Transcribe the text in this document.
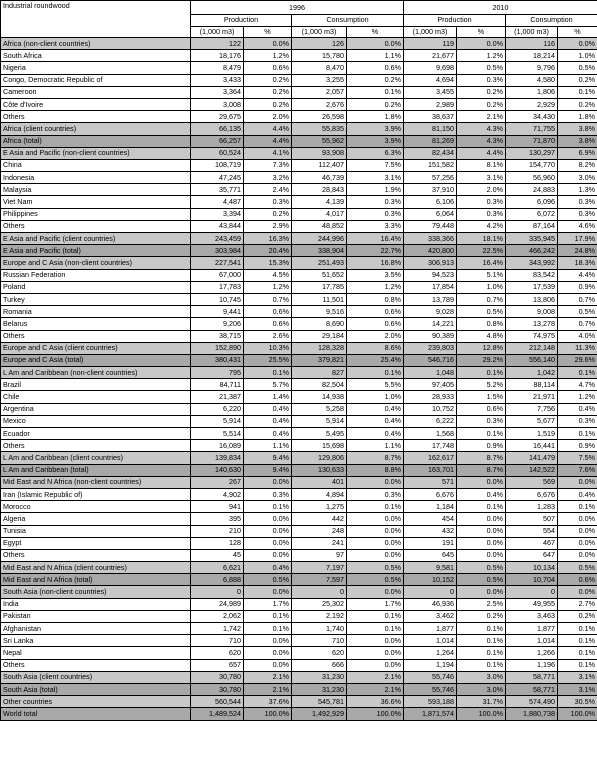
Industrial roundwood	1996				2010			
	Production		Consumption		Production		Consumption	
	(1,000 m3)	%	(1,000 m3)	%	(1,000 m3)	%	(1,000 m3)	%
Africa (non-client countries)	122	0.0%	126	0.0%	119	0.0%	116	0.0%
South Africa	18,176	1.2%	15,780	1.1%	21,677	1.2%	18,214	1.0%
Nigeria	8,479	0.6%	8,470	0.6%	9,698	0.5%	9,796	0.5%
Congo, Democratic Republic of	3,433	0.2%	3,255	0.2%	4,694	0.3%	4,580	0.2%
Cameroon	3,364	0.2%	2,057	0.1%	3,455	0.2%	1,806	0.1%
Côte d'Ivoire	3,008	0.2%	2,676	0.2%	2,989	0.2%	2,929	0.2%
Others	29,675	2.0%	26,598	1.8%	38,637	2.1%	34,430	1.8%
Africa (client countries)	66,135	4.4%	55,835	3.9%	81,150	4.3%	71,755	3.8%
Africa (total)	66,257	4.4%	55,962	3.9%	81,269	4.3%	71,870	3.8%
E Asia and Pacific (non-client countries)	60,524	4.1%	93,908	6.3%	82,434	4.4%	130,297	6.9%
China	108,719	7.3%	112,407	7.5%	151,582	8.1%	154,770	8.2%
Indonesia	47,245	3.2%	46,739	3.1%	57,256	3.1%	56,960	3.0%
Malaysia	35,771	2.4%	28,843	1.9%	37,910	2.0%	24,883	1.3%
Viet Nam	4,487	0.3%	4,139	0.3%	6,106	0.3%	6,096	0.3%
Philippines	3,394	0.2%	4,017	0.3%	6,064	0.3%	6,072	0.3%
Others	43,844	2.9%	48,852	3.3%	79,448	4.2%	87,164	4.6%
E Asia and Pacific (client countries)	243,459	16.3%	244,996	16.4%	338,366	18.1%	335,945	17.9%
E Asia and Pacific (total)	303,984	20.4%	338,904	22.7%	420,800	22.5%	466,242	24.8%
Europe and C Asia (non-client countries)	227,541	15.3%	251,493	16.8%	306,913	16.4%	343,992	18.3%
Russian Federation	67,000	4.5%	51,652	3.5%	94,523	5.1%	83,542	4.4%
Poland	17,783	1.2%	17,785	1.2%	17,854	1.0%	17,539	0.9%
Turkey	10,745	0.7%	11,501	0.8%	13,789	0.7%	13,806	0.7%
Romania	9,441	0.6%	9,516	0.6%	9,028	0.5%	9,008	0.5%
Belarus	9,206	0.6%	8,690	0.6%	14,221	0.8%	13,278	0.7%
Others	38,715	2.6%	29,184	2.0%	90,389	4.8%	74,975	4.0%
Europe and C Asia (client countries)	152,890	10.3%	128,328	8.6%	239,803	12.8%	212,148	11.3%
Europe and C Asia (total)	380,431	25.5%	379,821	25.4%	546,716	29.2%	556,140	29.6%
L Am and Caribbean (non-client countries)	795	0.1%	827	0.1%	1,048	0.1%	1,042	0.1%
Brazil	84,711	5.7%	82,504	5.5%	97,405	5.2%	88,114	4.7%
Chile	21,387	1.4%	14,938	1.0%	28,933	1.5%	21,971	1.2%
Argentina	6,220	0.4%	5,258	0.4%	10,752	0.6%	7,756	0.4%
Mexico	5,914	0.4%	5,914	0.4%	6,222	0.3%	5,677	0.3%
Ecuador	5,514	0.4%	5,495	0.4%	1,568	0.1%	1,519	0.1%
Others	16,089	1.1%	15,698	1.1%	17,748	0.9%	16,441	0.9%
L Am and Caribbean (client countries)	139,834	9.4%	129,806	8.7%	162,617	8.7%	141,479	7.5%
L Am and Caribbean (total)	140,630	9.4%	130,633	8.8%	163,701	8.7%	142,522	7.6%
Mid East and N Africa (non-client countries)	267	0.0%	401	0.0%	571	0.0%	569	0.0%
Iran (Islamic Republic of)	4,902	0.3%	4,894	0.3%	6,676	0.4%	6,676	0.4%
Morocco	941	0.1%	1,275	0.1%	1,184	0.1%	1,283	0.1%
Algeria	395	0.0%	442	0.0%	454	0.0%	507	0.0%
Tunisia	210	0.0%	248	0.0%	432	0.0%	554	0.0%
Egypt	128	0.0%	241	0.0%	191	0.0%	467	0.0%
Others	45	0.0%	97	0.0%	645	0.0%	647	0.0%
Mid East and N Africa (client countries)	6,621	0.4%	7,197	0.5%	9,581	0.5%	10,134	0.5%
Mid East and N Africa (total)	6,888	0.5%	7,597	0.5%	10,152	0.5%	10,704	0.6%
South Asia (non-client countries)	0	0.0%	0	0.0%	0	0.0%	0	0.0%
India	24,989	1.7%	25,302	1.7%	46,936	2.5%	49,955	2.7%
Pakistan	2,062	0.1%	2,192	0.1%	3,462	0.2%	3,463	0.2%
Afghanistan	1,742	0.1%	1,740	0.1%	1,877	0.1%	1,877	0.1%
Sri Lanka	710	0.0%	710	0.0%	1,014	0.1%	1,014	0.1%
Nepal	620	0.0%	620	0.0%	1,264	0.1%	1,266	0.1%
Others	657	0.0%	666	0.0%	1,194	0.1%	1,196	0.1%
South Asia (client countries)	30,780	2.1%	31,230	2.1%	55,746	3.0%	58,771	3.1%
South Asia (total)	30,780	2.1%	31,230	2.1%	55,746	3.0%	58,771	3.1%
Other countries	560,544	37.6%	545,781	36.6%	593,188	31.7%	574,490	30.5%
World total	1,489,524	100.0%	1,492,929	100.0%	1,871,574	100.0%	1,880,738	100.0%
